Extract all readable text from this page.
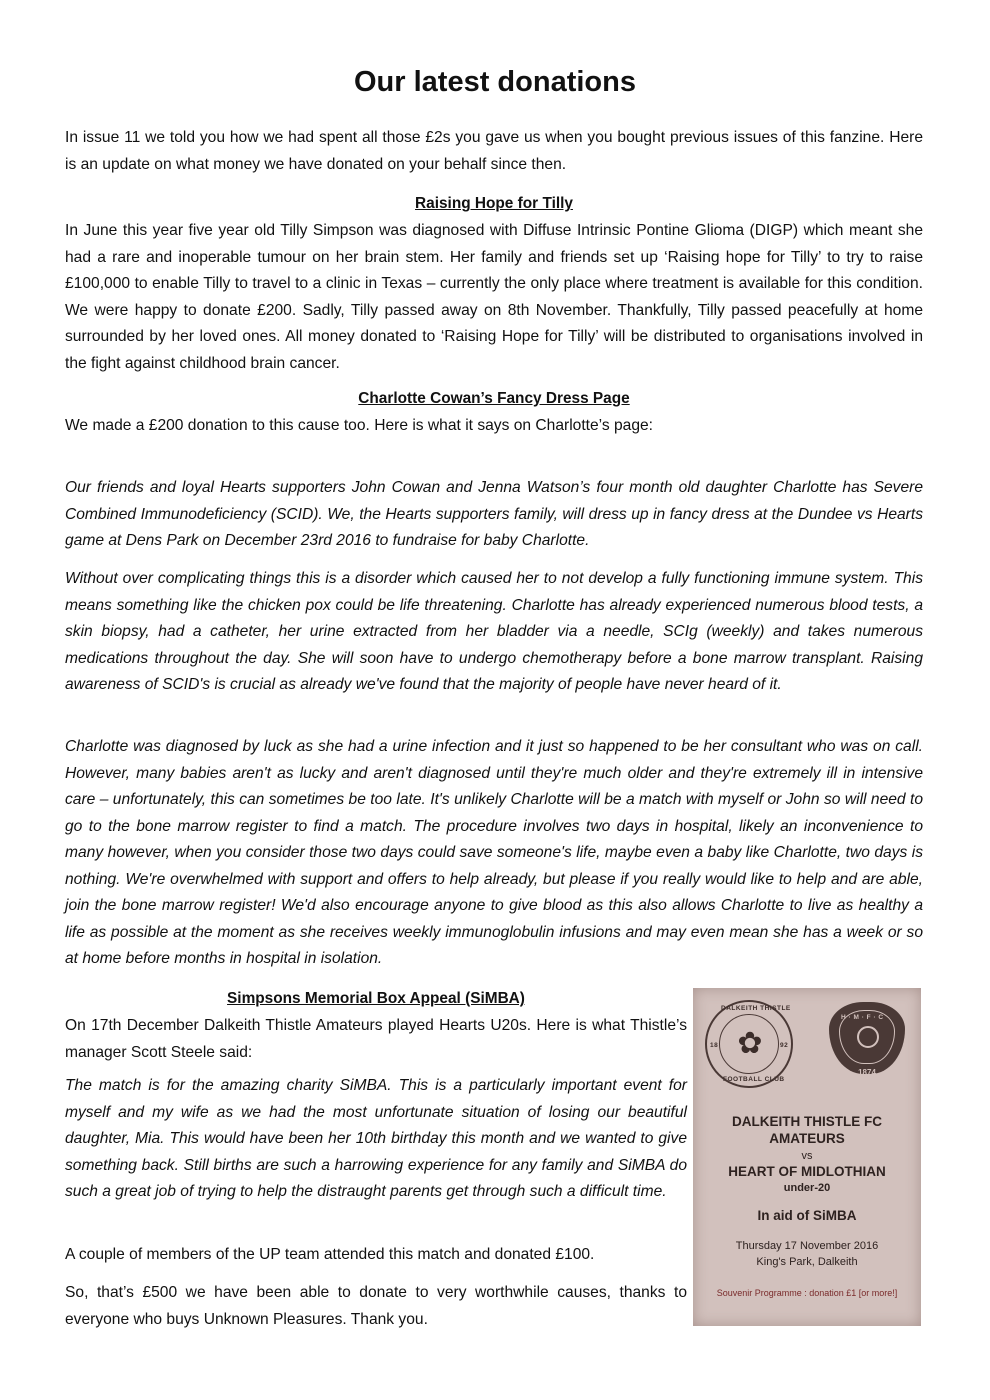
Our latest donations

In issue 11 we told you how we had spent all those £2s you gave us when you bought previous issues of this fanzine. Here is an update on what money we have donated on your behalf since then.

Raising Hope for Tilly

In June this year five year old Tilly Simpson was diagnosed with Diffuse Intrinsic Pontine Glioma (DIGP) which meant she had a rare and inoperable tumour on her brain stem. Her family and friends set up ‘Raising hope for Tilly’ to try to raise £100,000 to enable Tilly to travel to a clinic in Texas – currently the only place where treatment is available for this condition. We were happy to donate £200. Sadly, Tilly passed away on 8th November. Thankfully, Tilly passed peacefully at home surrounded by her loved ones. All money donated to ‘Raising Hope for Tilly’ will be distributed to organisations involved in the fight against childhood brain cancer.

Charlotte Cowan’s Fancy Dress Page

We made a £200 donation to this cause too. Here is what it says on Charlotte’s page:

Our friends and loyal Hearts supporters John Cowan and Jenna Watson’s four month old daughter Charlotte has Severe Combined Immunodeficiency (SCID). We, the Hearts supporters family, will dress up in fancy dress at the Dundee vs Hearts game at Dens Park on December 23rd 2016 to fundraise for baby Charlotte.

Without over complicating things this is a disorder which caused her to not develop a fully functioning immune system. This means something like the chicken pox could be life threatening. Charlotte has already experienced numerous blood tests, a skin biopsy, had a catheter, her urine extracted from her bladder via a needle, SCIg (weekly) and takes numerous medications throughout the day. She will soon have to undergo chemotherapy before a bone marrow transplant. Raising awareness of SCID's is crucial as already we've found that the majority of people have never heard of it.

Charlotte was diagnosed by luck as she had a urine infection and it just so happened to be her consultant who was on call. However, many babies aren't as lucky and aren't diagnosed until they're much older and they're extremely ill in intensive care – unfortunately, this can sometimes be too late. It's unlikely Charlotte will be a match with myself or John so will need to go to the bone marrow register to find a match. The procedure involves two days in hospital, likely an inconvenience to many however, when you consider those two days could save someone's life, maybe even a baby like Charlotte, two days is nothing. We're overwhelmed with support and offers to help already, but please if you really would like to help and are able, join the bone marrow register! We'd also encourage anyone to give blood as this also allows Charlotte to live as healthy a life as possible at the moment as she receives weekly immunoglobulin infusions and may even mean she has a week or so at home before months in hospital in isolation.

Simpsons Memorial Box Appeal (SiMBA)

On 17th December Dalkeith Thistle Amateurs played Hearts U20s. Here is what Thistle’s manager Scott Steele said:

The match is for the amazing charity SiMBA. This is a particularly important event for myself and my wife as we had the most unfortunate situation of losing our beautiful daughter, Mia. This would have been her 10th birthday this month and we wanted to give something back. Still births are such a harrowing experience for any family and SiMBA do such a great job of trying to help the distraught parents get through such a difficult time.

A couple of members of the UP team attended this match and donated £100.

So, that’s £500 we have been able to donate to very worthwhile causes, thanks to everyone who buys Unknown Pleasures. Thank you.

✿
DALKEITH THISTLE
FOOTBALL CLUB
18	92
H · M · F · C
1874
DALKEITH THISTLE FC
AMATEURS
vs
HEART OF MIDLOTHIAN
under-20
In aid of SiMBA
Thursday 17 November 2016
King's Park, Dalkeith
Souvenir Programme : donation £1 [or more!]
